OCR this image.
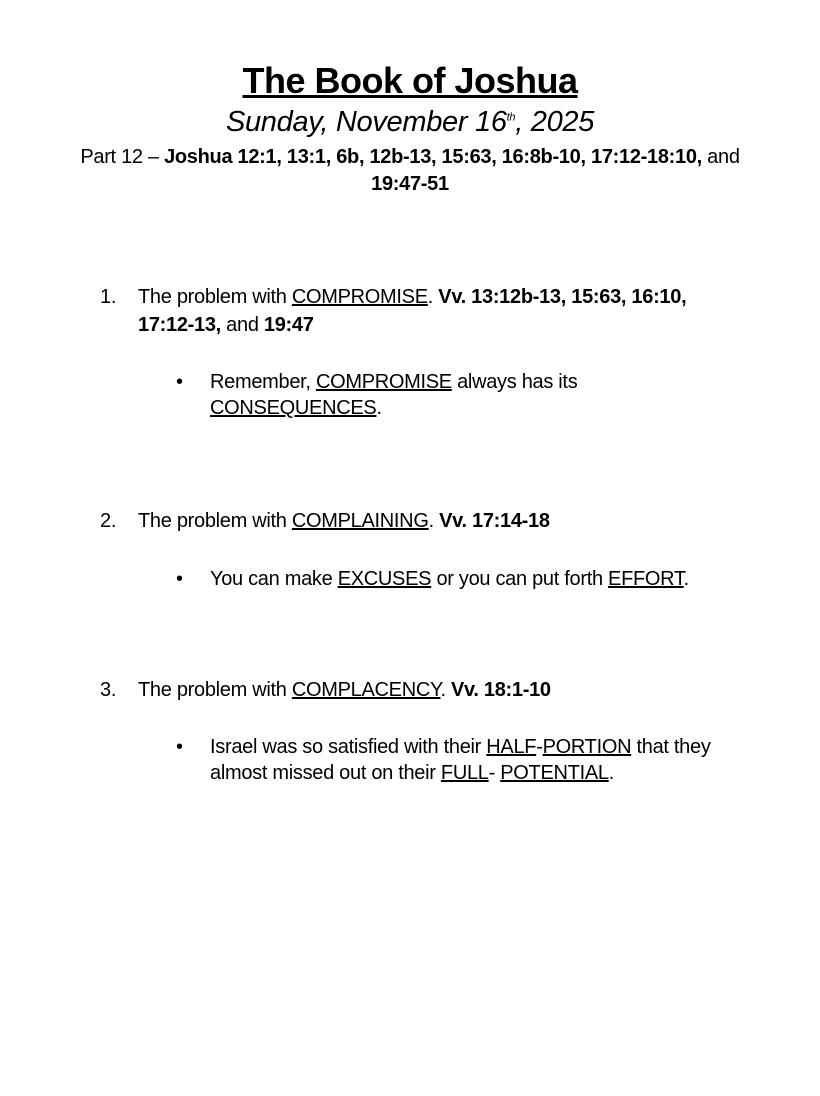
The Book of Joshua

Sunday, November 16th, 2025

Part 12 – Joshua 12:1, 13:1, 6b, 12b-13, 15:63, 16:8b-10, 17:12-18:10, and
19:47-51

1.	The problem with COMPROMISE. Vv. 13:12b-13, 15:63, 16:10, 17:12-13, and 19:47
• Remember, COMPROMISE always has its CONSEQUENCES.
2.	The problem with COMPLAINING. Vv. 17:14-18
• You can make EXCUSES or you can put forth EFFORT.
3.	The problem with COMPLACENCY. Vv. 18:1-10
• Israel was so satisfied with their HALF-PORTION that they almost missed out on their FULL- POTENTIAL.
